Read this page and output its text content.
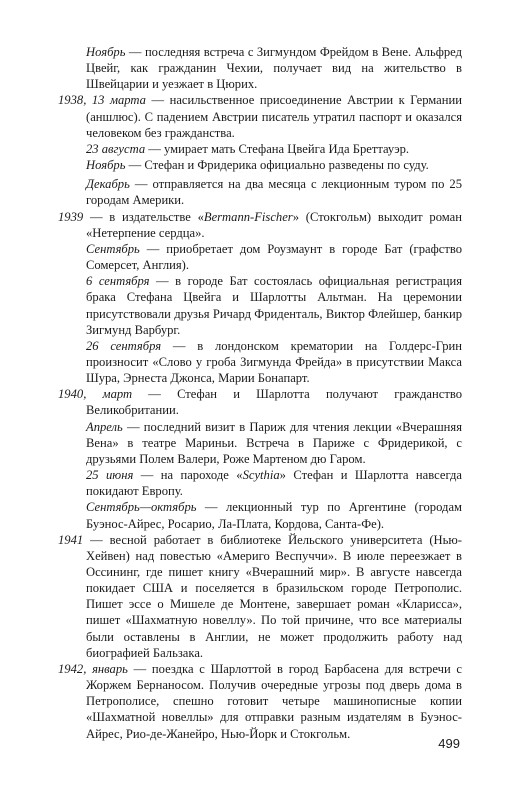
Ноябрь — последняя встреча с Зигмундом Фрейдом в Вене. Альфред Цвейг, как гражданин Чехии, получает вид на жительство в Швейцарии и уезжает в Цюрих.

1938, 13 марта — насильственное присоединение Австрии к Германии (аншлюс). С падением Австрии писатель утратил паспорт и оказался человеком без гражданства.

23 августа — умирает мать Стефана Цвейга Ида Бреттауэр.

Ноябрь — Стефан и Фридерика официально разведены по суду.

Декабрь — отправляется на два месяца с лекционным туром по 25 городам Америки.

1939 — в издательстве «Bermann-Fischer» (Стокгольм) выходит роман «Нетерпение сердца».

Сентябрь — приобретает дом Роузмаунт в городе Бат (графство Сомерсет, Англия).

6 сентября — в городе Бат состоялась официальная регистрация брака Стефана Цвейга и Шарлотты Альтман. На церемонии присутствовали друзья Ричард Фриденталь, Виктор Флейшер, банкир Зигмунд Варбург.

26 сентября — в лондонском крематории на Голдерс-Грин произносит «Слово у гроба Зигмунда Фрейда» в присутствии Макса Шура, Эрнеста Джонса, Марии Бонапарт.

1940, март — Стефан и Шарлотта получают гражданство Великобритании.

Апрель — последний визит в Париж для чтения лекции «Вчерашняя Вена» в театре Мариньи. Встреча в Париже с Фридерикой, с друзьями Полем Валери, Роже Мартеном дю Гаром.

25 июня — на пароходе «Scythia» Стефан и Шарлотта навсегда покидают Европу.

Сентябрь—октябрь — лекционный тур по Аргентине (городам Буэнос-Айрес, Росарио, Ла-Плата, Кордова, Санта-Фе).

1941 — весной работает в библиотеке Йельского университета (Нью-Хейвен) над повестью «Америго Веспуччи». В июле переезжает в Оссининг, где пишет книгу «Вчерашний мир». В августе навсегда покидает США и поселяется в бразильском городе Петрополис. Пишет эссе о Мишеле де Монтене, завершает роман «Кларисса», пишет «Шахматную новеллу». По той причине, что все материалы были оставлены в Англии, не может продолжить работу над биографией Бальзака.

1942, январь — поездка с Шарлоттой в город Барбасена для встречи с Жоржем Бернаносом. Получив очередные угрозы под дверь дома в Петрополисе, спешно готовит четыре машинописные копии «Шахматной новеллы» для отправки разным издателям в Буэнос-Айрес, Рио-де-Жанейро, Нью-Йорк и Стокгольм.

499
